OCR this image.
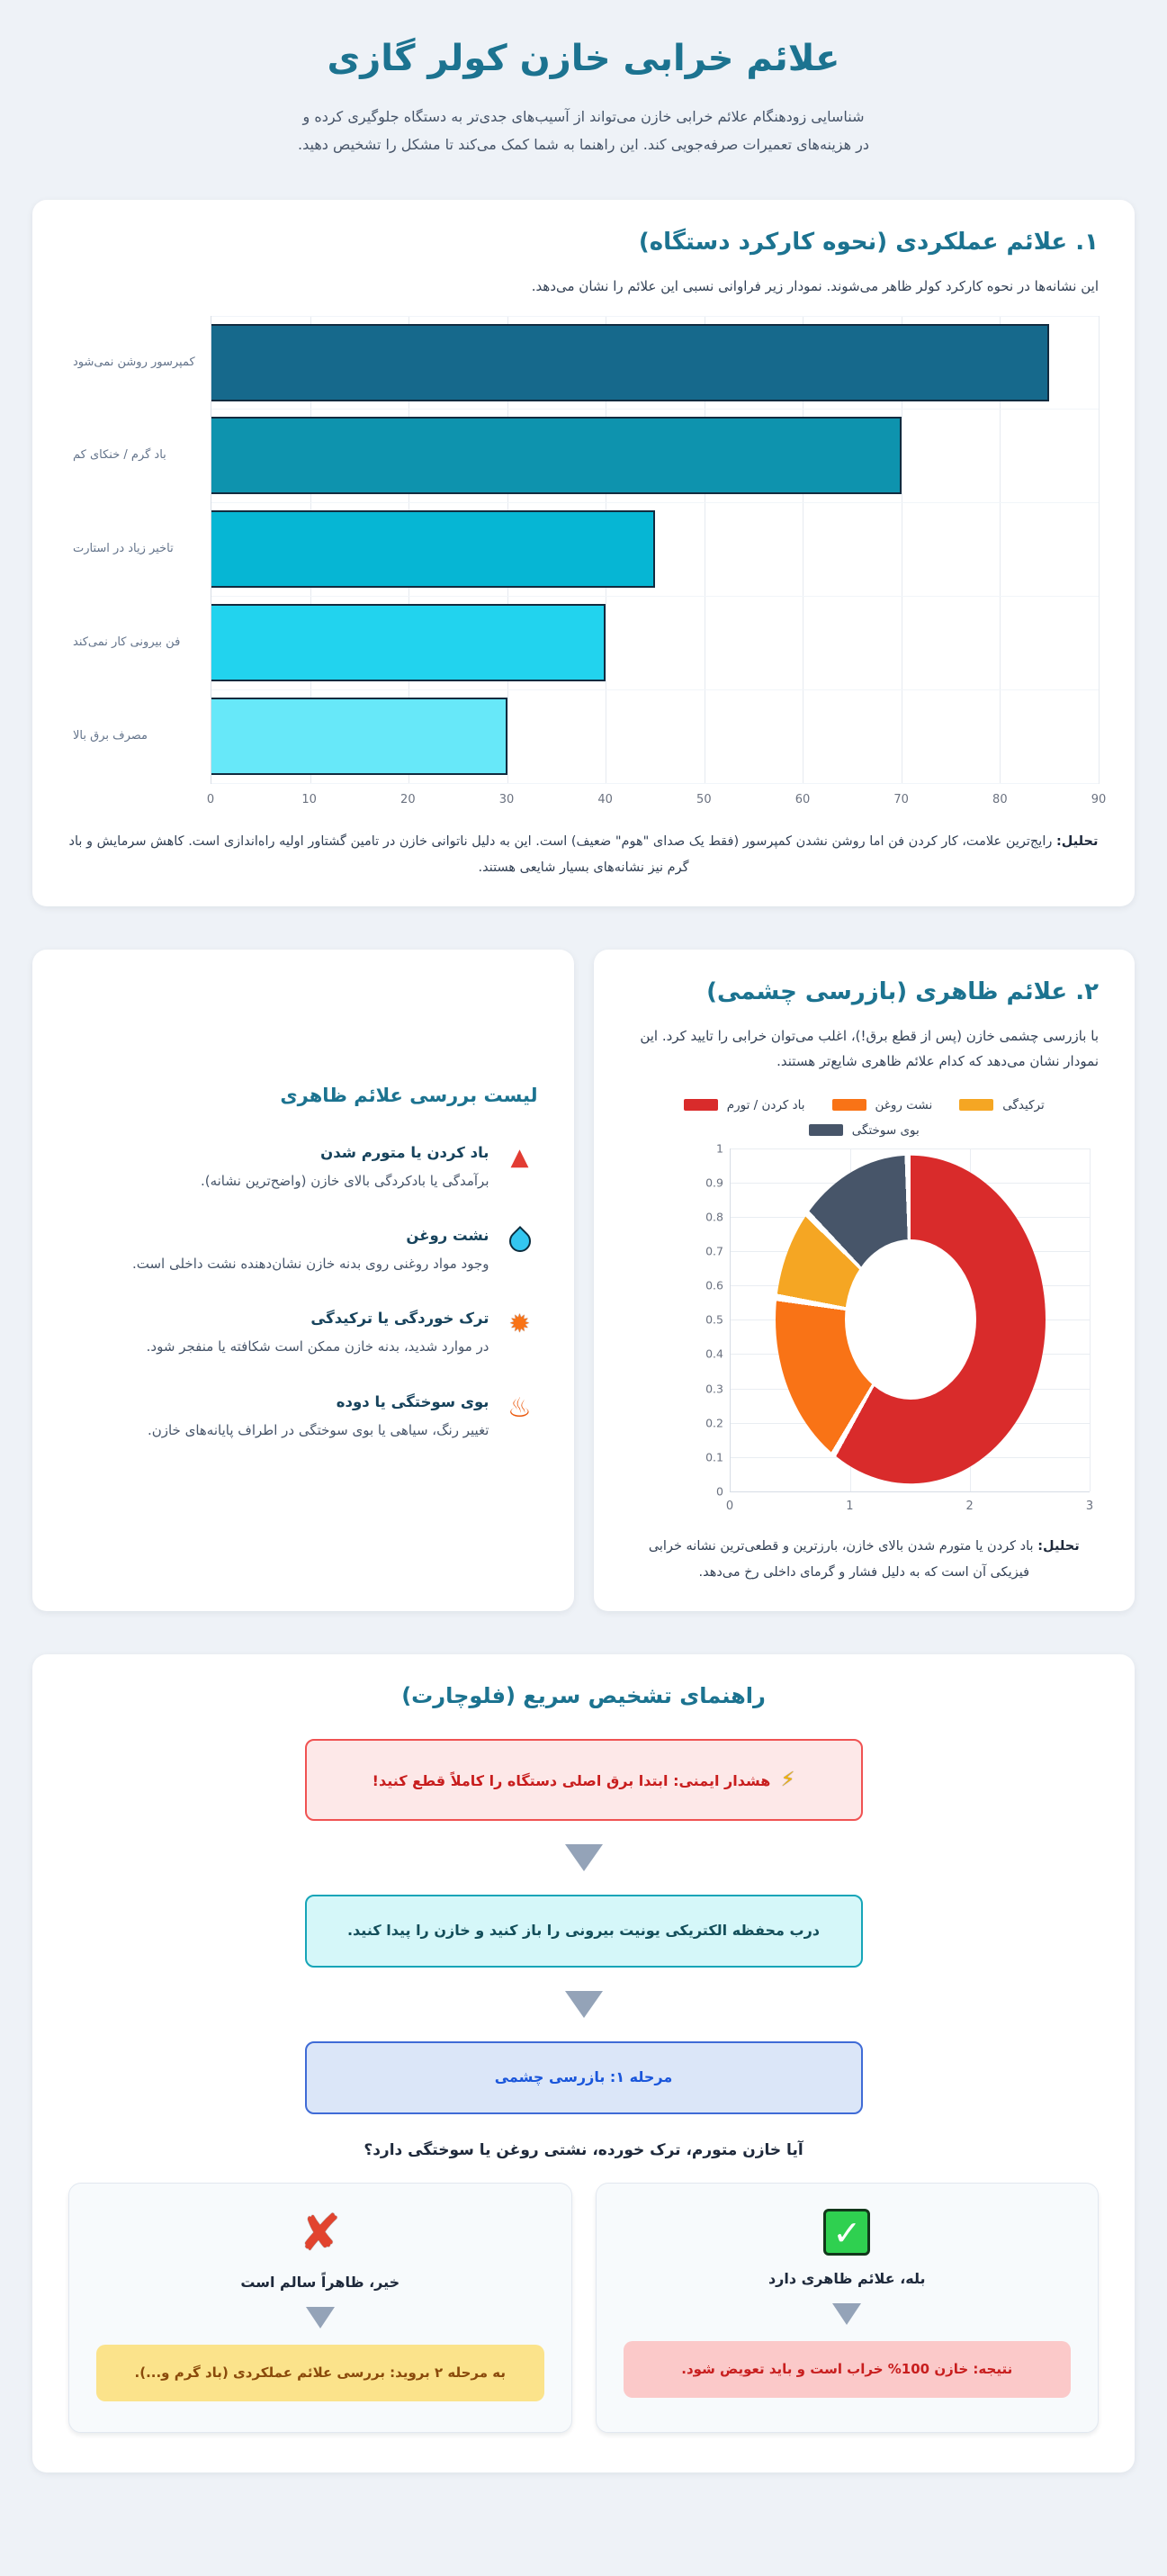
علائم خرابی خازن کولر گازی

شناسایی زودهنگام علائم خرابی خازن می‌تواند از آسیب‌های جدی‌تر به دستگاه جلوگیری کرده و در هزینه‌های تعمیرات صرفه‌جویی کند. این راهنما به شما کمک می‌کند تا مشکل را تشخیص دهید.

۱. علائم عملکردی (نحوه کارکرد دستگاه)

این نشانه‌ها در نحوه کارکرد کولر ظاهر می‌شوند. نمودار زیر فراوانی نسبی این علائم را نشان می‌دهد.

کمپرسور روشن نمی‌شود
باد گرم / خنکای کم
تاخیر زیاد در استارت
فن بیرونی کار نمی‌کند
مصرف برق بالا
0	10	20	30	40	50	60	70	80	90

تحلیل: رایج‌ترین علامت، کار کردن فن اما روشن نشدن کمپرسور (فقط یک صدای "هوم" ضعیف) است. این به دلیل ناتوانی خازن در تامین گشتاور اولیه راه‌اندازی است. کاهش سرمایش و باد گرم نیز نشانه‌های بسیار شایعی هستند.

۲. علائم ظاهری (بازرسی چشمی)

با بازرسی چشمی خازن (پس از قطع برق!)، اغلب می‌توان خرابی را تایید کرد. این نمودار نشان می‌دهد که کدام علائم ظاهری شایع‌تر هستند.

باد کردن / تورم	نشت روغن	ترکیدگی
بوی سوختگی
1
0.9
0.8
0.7
0.6
0.5
0.4
0.3
0.2
0.1
0
0	1	2	3

تحلیل: باد کردن یا متورم شدن بالای خازن، بارزترین و قطعی‌ترین نشانه خرابی فیزیکی آن است که به دلیل فشار و گرمای داخلی رخ می‌دهد.

لیست بررسی علائم ظاهری
▲
باد کردن یا متورم شدن
برآمدگی یا بادکردگی بالای خازن (واضح‌ترین نشانه).
نشت روغن
وجود مواد روغنی روی بدنه خازن نشان‌دهنده نشت داخلی است.
✹
ترک خوردگی یا ترکیدگی
در موارد شدید، بدنه خازن ممکن است شکافته یا منفجر شود.
♨
بوی سوختگی یا دوده
تغییر رنگ، سیاهی یا بوی سوختگی در اطراف پایانه‌های خازن.
راهنمای تشخیص سریع (فلوچارت)
⚡ هشدار ایمنی: ابتدا برق اصلی دستگاه را کاملاً قطع کنید!
درب محفظه الکتریکی یونیت بیرونی را باز کنید و خازن را پیدا کنید.
مرحله ۱: بازرسی چشمی

آیا خازن متورم، ترک خورده، نشتی روغن یا سوختگی دارد؟

✓
بله، علائم ظاهری دارد
نتیجه: خازن 100% خراب است و باید تعویض شود.
✘
خیر، ظاهراً سالم است
به مرحله ۲ بروید: بررسی علائم عملکردی (باد گرم و...).
